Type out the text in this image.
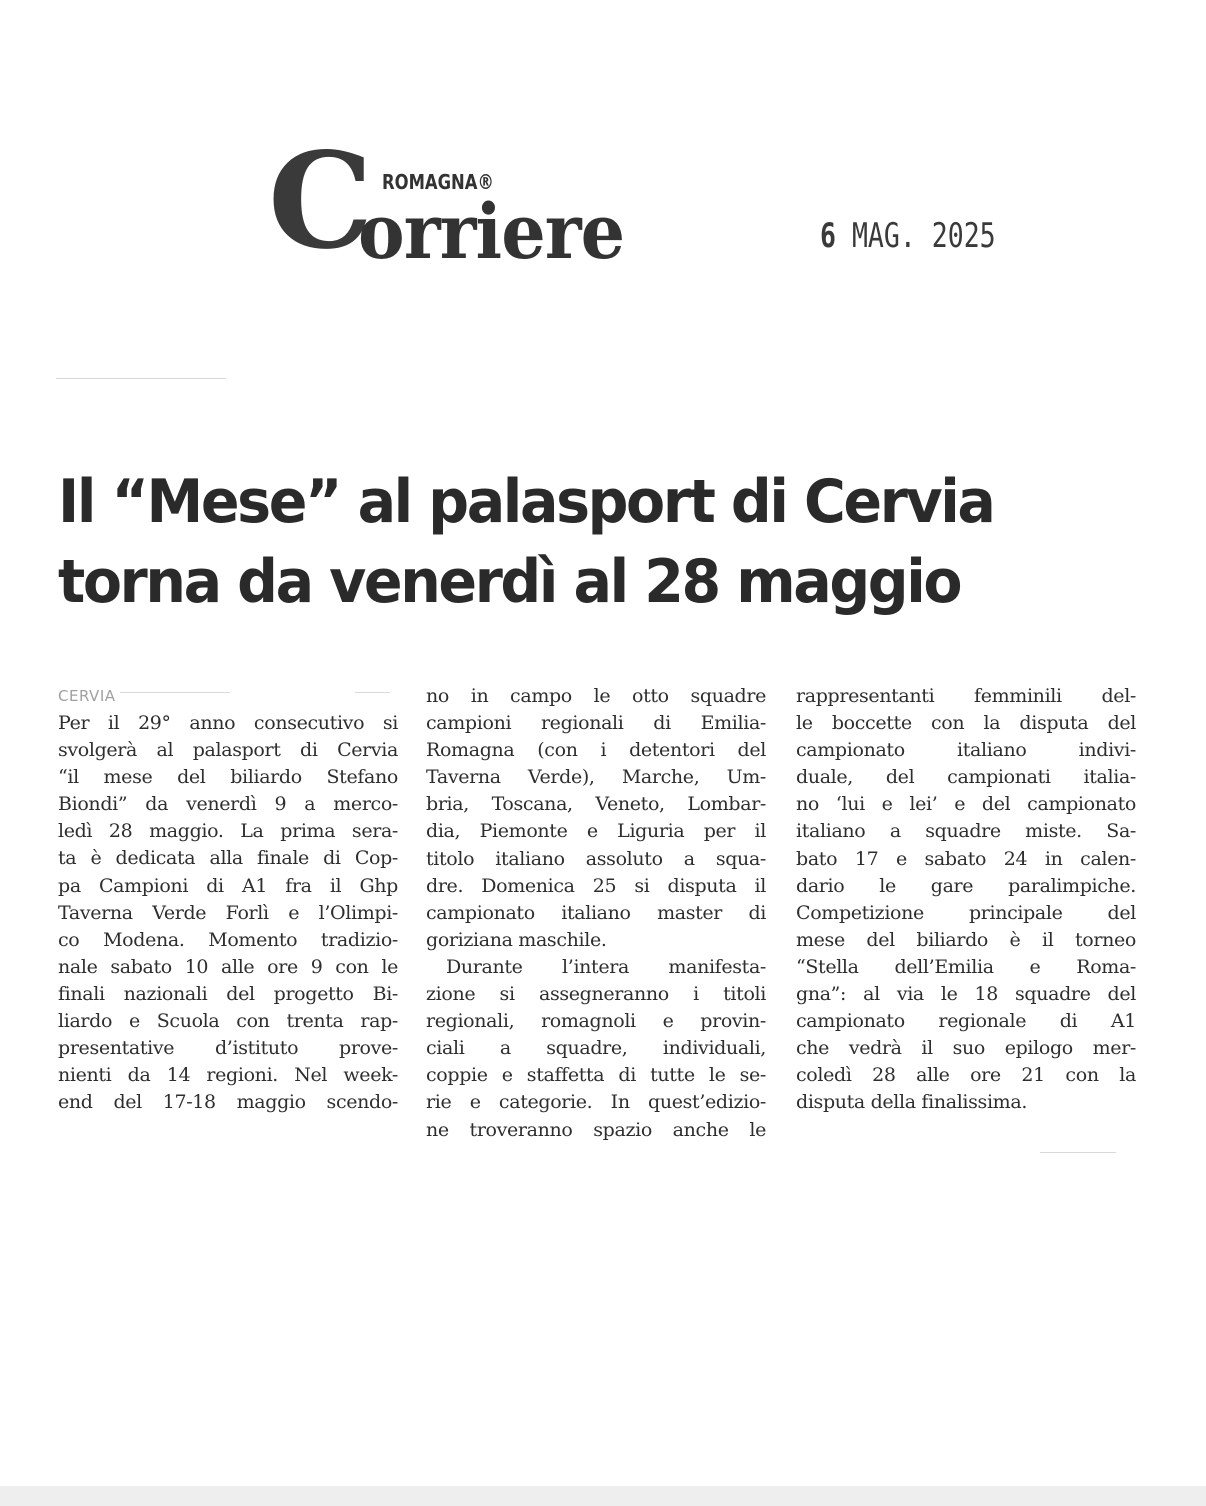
C ROMAGNA®
orriere	6 MAG. 2025
Il “Mese” al palasport di Cervia
torna da venerdì al 28 maggio
CERVIA
Per il 29° anno consecutivo si
svolgerà al palasport di Cervia
“il mese del biliardo Stefano
Biondi” da venerdì 9 a merco-
ledì 28 maggio. La prima sera-
ta è dedicata alla finale di Cop-
pa Campioni di A1 fra il Ghp
Taverna Verde Forlì e l’Olimpi-
co Modena. Momento tradizio-
nale sabato 10 alle ore 9 con le
finali nazionali del progetto Bi-
liardo e Scuola con trenta rap-
presentative d’istituto prove-
nienti da 14 regioni. Nel week-
end del 17-18 maggio scendo-
no in campo le otto squadre
campioni regionali di Emilia-
Romagna (con i detentori del
Taverna Verde), Marche, Um-
bria, Toscana, Veneto, Lombar-
dia, Piemonte e Liguria per il
titolo italiano assoluto a squa-
dre. Domenica 25 si disputa il
campionato italiano master di
goriziana maschile.
Durante l’intera manifesta-
zione si assegneranno i titoli
regionali, romagnoli e provin-
ciali a squadre, individuali,
coppie e staffetta di tutte le se-
rie e categorie. In quest’edizio-
ne troveranno spazio anche le
rappresentanti femminili del-
le boccette con la disputa del
campionato italiano indivi-
duale, del campionati italia-
no ‘lui e lei’ e del campionato
italiano a squadre miste. Sa-
bato 17 e sabato 24 in calen-
dario le gare paralimpiche.
Competizione principale del
mese del biliardo è il torneo
“Stella dell’Emilia e Roma-
gna”: al via le 18 squadre del
campionato regionale di A1
che vedrà il suo epilogo mer-
coledì 28 alle ore 21 con la
disputa della finalissima.
